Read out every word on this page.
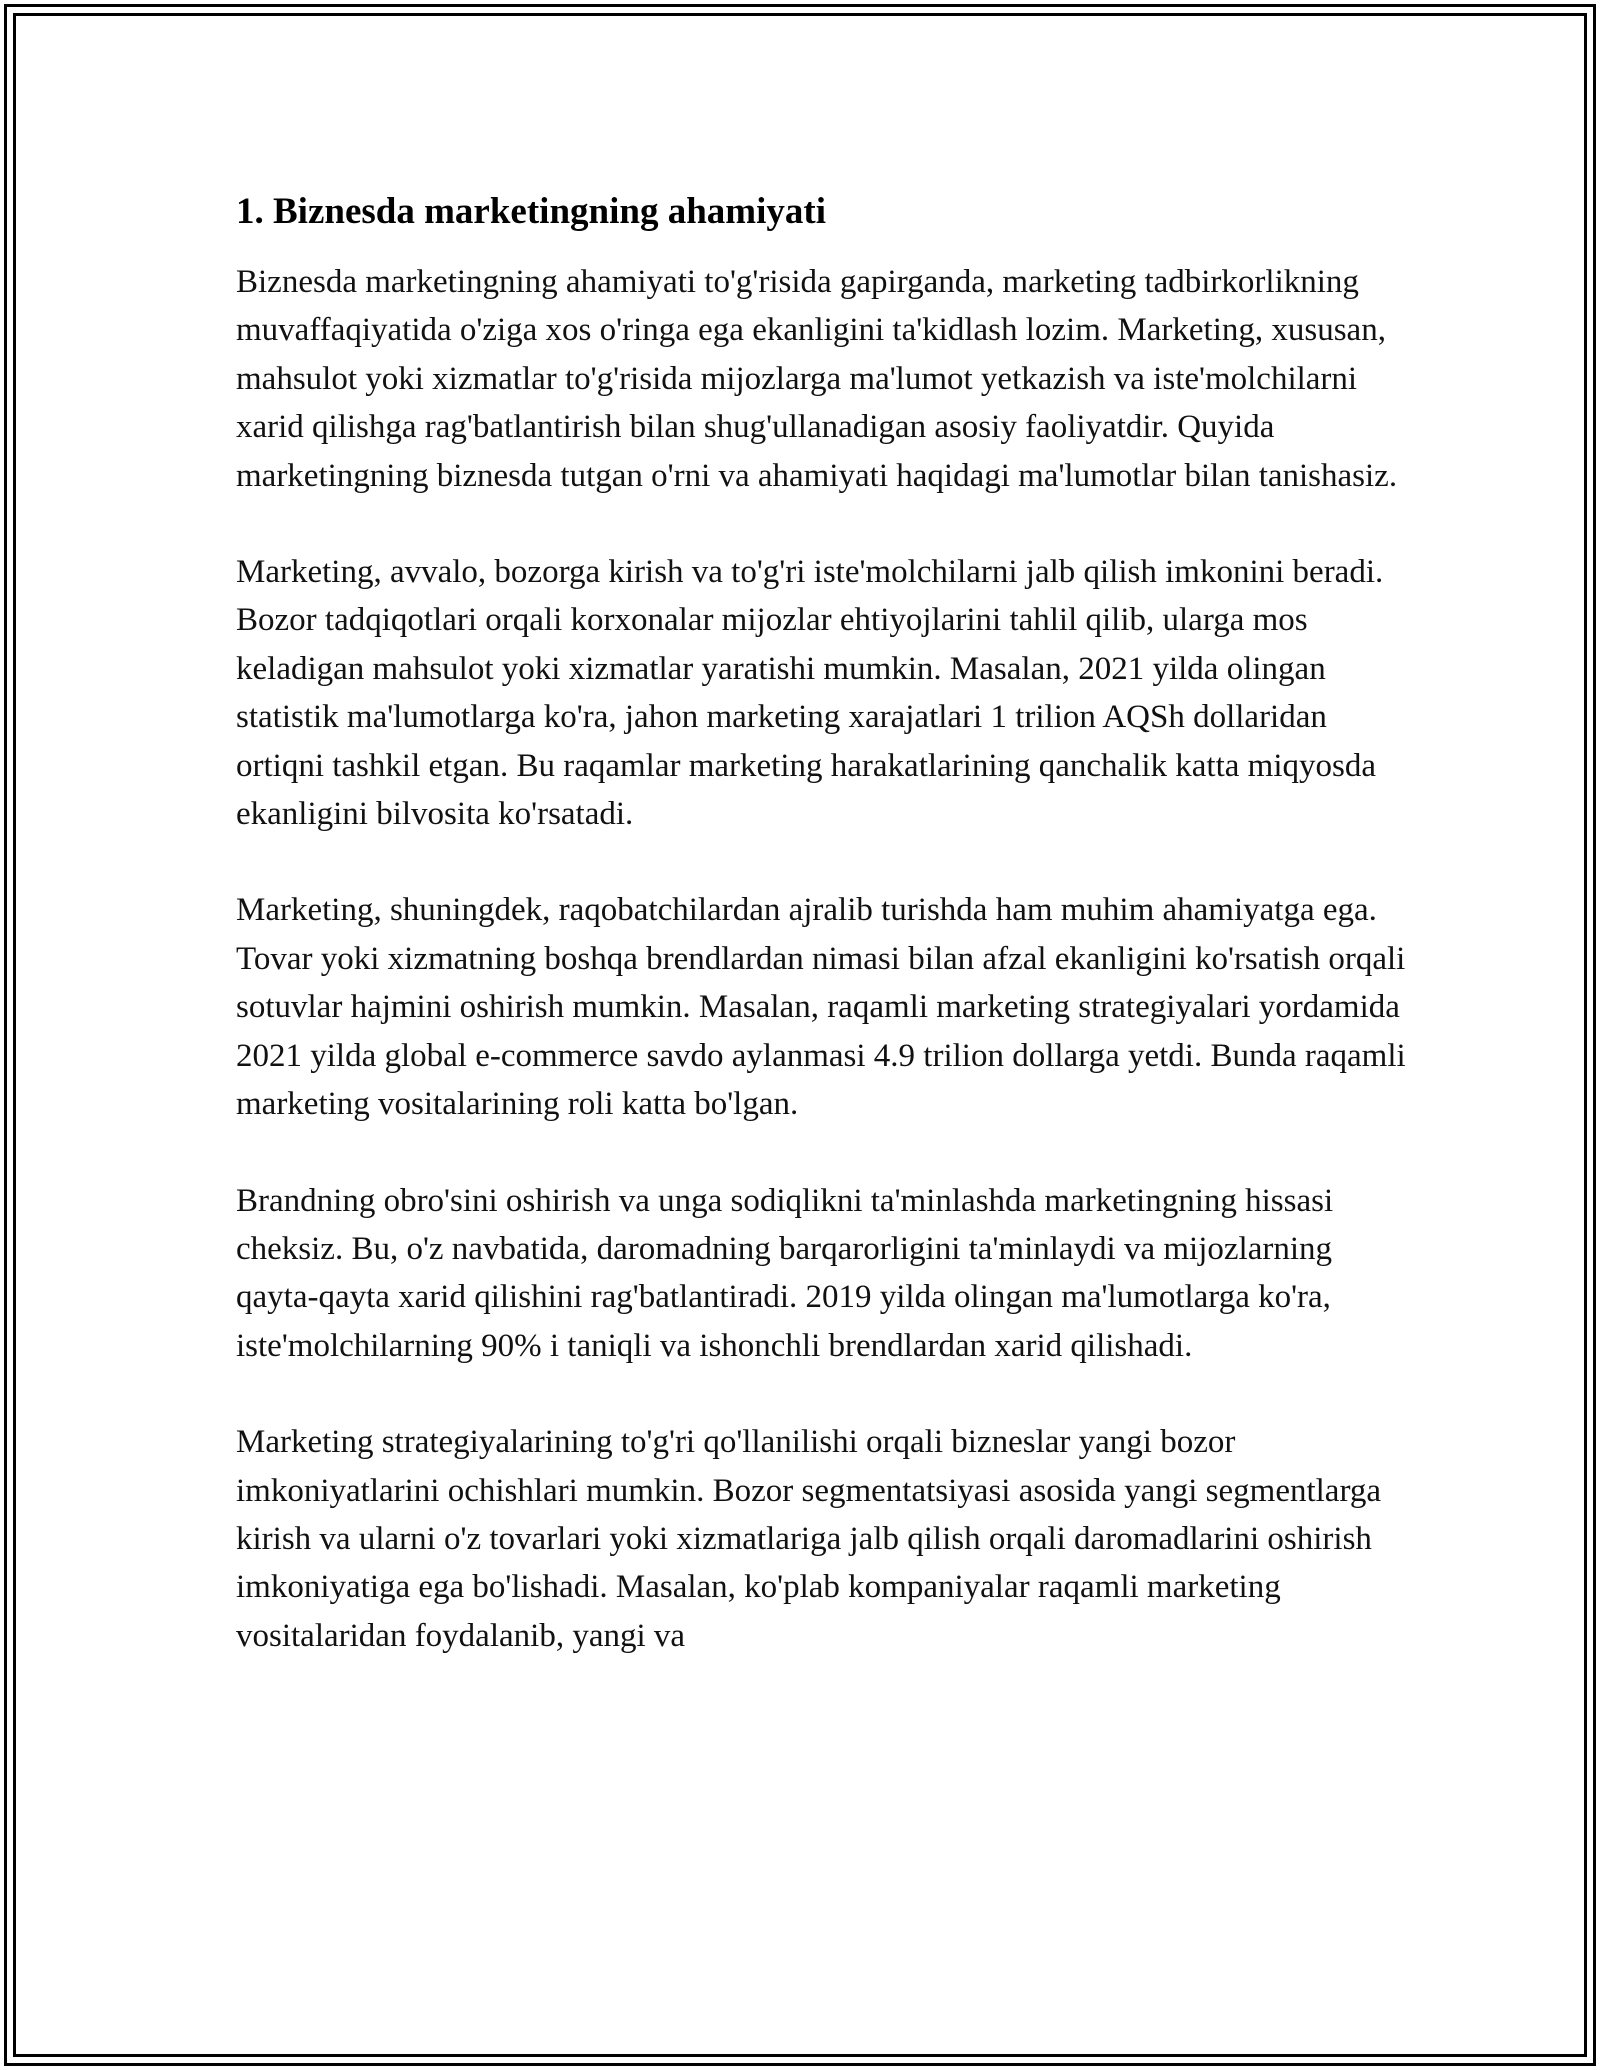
1. Biznesda marketingning ahamiyati

Biznesda marketingning ahamiyati to'g'risida gapirganda, marketing tadbirkorlikning muvaffaqiyatida o'ziga xos o'ringa ega ekanligini ta'kidlash lozim. Marketing, xususan, mahsulot yoki xizmatlar to'g'risida mijozlarga ma'lumot yetkazish va iste'molchilarni xarid qilishga rag'batlantirish bilan shug'ullanadigan asosiy faoliyatdir. Quyida marketingning biznesda tutgan o'rni va ahamiyati haqidagi ma'lumotlar bilan tanishasiz.

Marketing, avvalo, bozorga kirish va to'g'ri iste'molchilarni jalb qilish imkonini beradi. Bozor tadqiqotlari orqali korxonalar mijozlar ehtiyojlarini tahlil qilib, ularga mos keladigan mahsulot yoki xizmatlar yaratishi mumkin. Masalan, 2021 yilda olingan statistik ma'lumotlarga ko'ra, jahon marketing xarajatlari 1 trilion AQSh dollaridan ortiqni tashkil etgan. Bu raqamlar marketing harakatlarining qanchalik katta miqyosda ekanligini bilvosita ko'rsatadi.

Marketing, shuningdek, raqobatchilardan ajralib turishda ham muhim ahamiyatga ega. Tovar yoki xizmatning boshqa brendlardan nimasi bilan afzal ekanligini ko'rsatish orqali sotuvlar hajmini oshirish mumkin. Masalan, raqamli marketing strategiyalari yordamida 2021 yilda global e-commerce savdo aylanmasi 4.9 trilion dollarga yetdi. Bunda raqamli marketing vositalarining roli katta bo'lgan.

Brandning obro'sini oshirish va unga sodiqlikni ta'minlashda marketingning hissasi cheksiz. Bu, o'z navbatida, daromadning barqarorligini ta'minlaydi va mijozlarning qayta-qayta xarid qilishini rag'batlantiradi. 2019 yilda olingan ma'lumotlarga ko'ra, iste'molchilarning 90% i taniqli va ishonchli brendlardan xarid qilishadi.

Marketing strategiyalarining to'g'ri qo'llanilishi orqali bizneslar yangi bozor imkoniyatlarini ochishlari mumkin. Bozor segmentatsiyasi asosida yangi segmentlarga kirish va ularni o'z tovarlari yoki xizmatlariga jalb qilish orqali daromadlarini oshirish imkoniyatiga ega bo'lishadi. Masalan, ko'plab kompaniyalar raqamli marketing vositalaridan foydalanib, yangi va
